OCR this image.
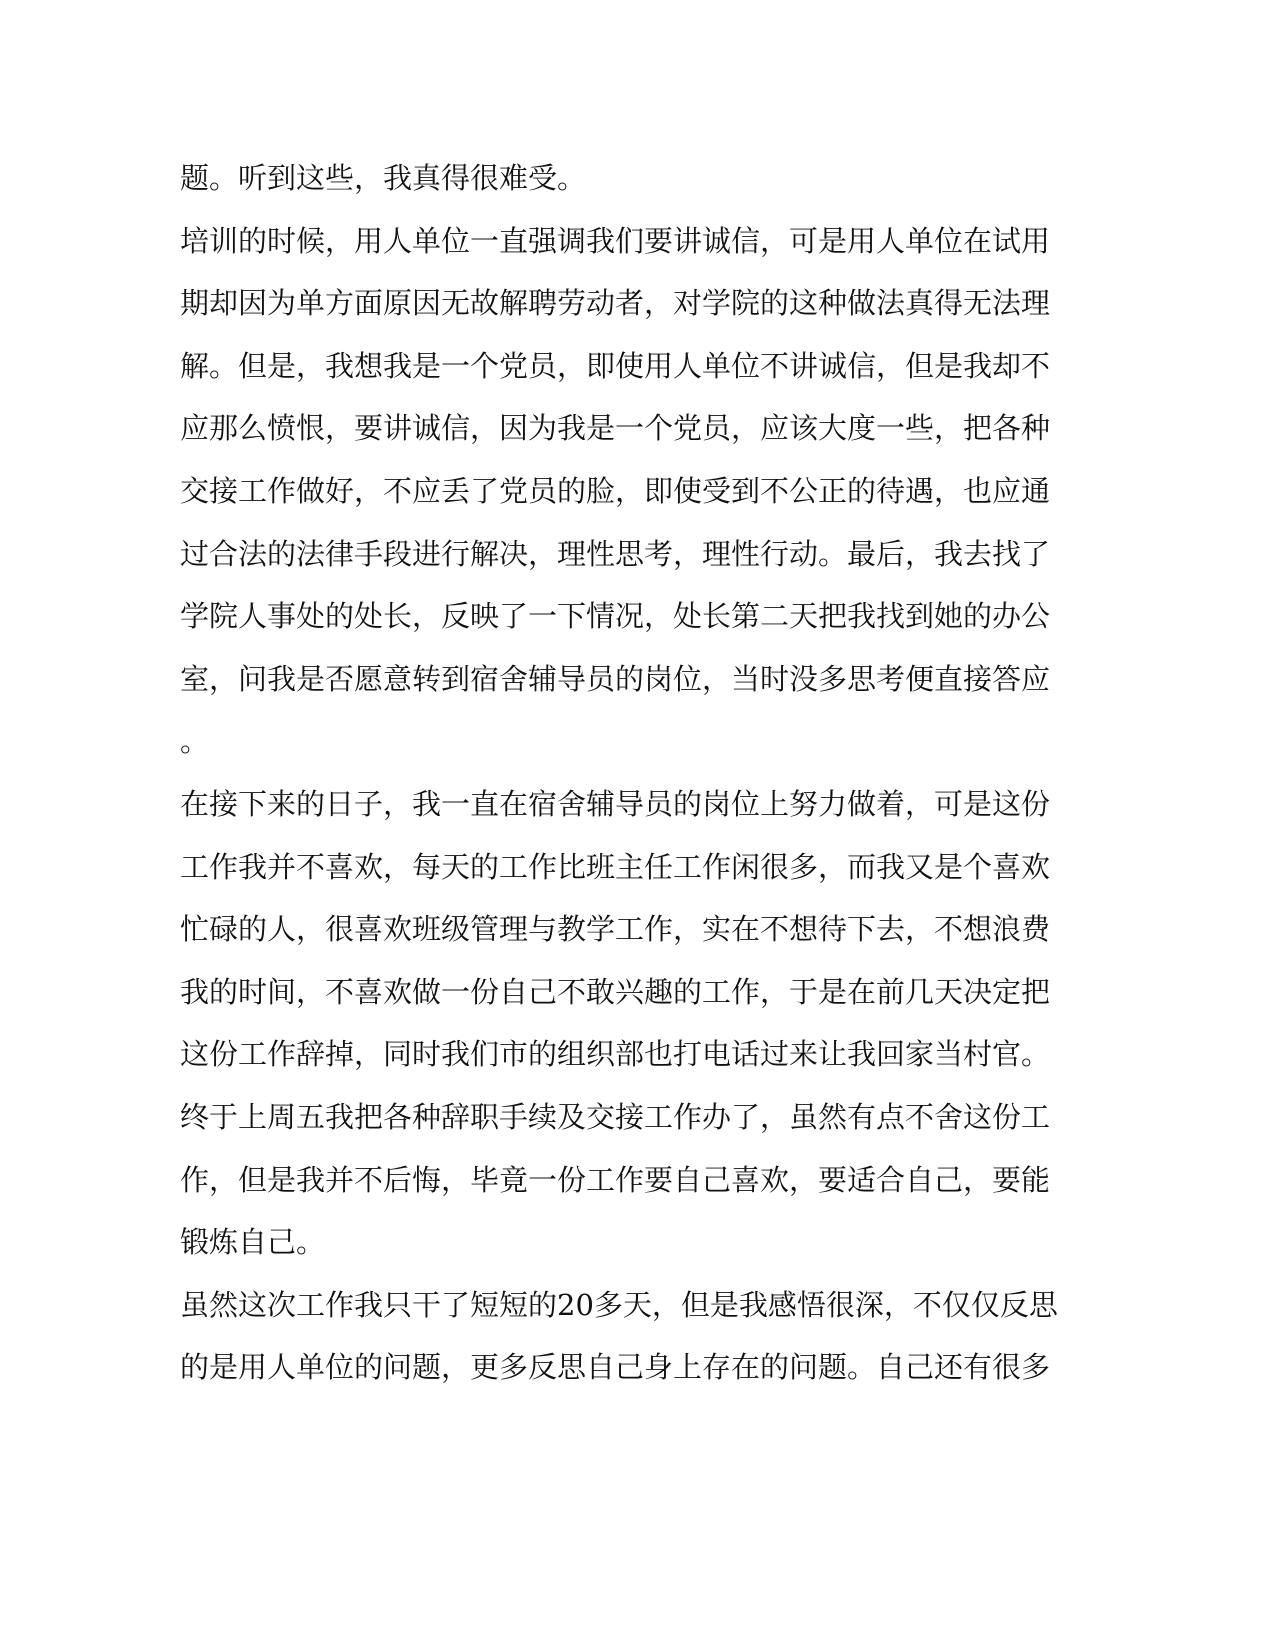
题。听到这些，我真得很难受。
培训的时候，用人单位一直强调我们要讲诚信，可是用人单位在试用
期却因为单方面原因无故解聘劳动者，对学院的这种做法真得无法理
解。但是，我想我是一个党员，即使用人单位不讲诚信，但是我却不
应那么愤恨，要讲诚信，因为我是一个党员，应该大度一些，把各种
交接工作做好，不应丢了党员的脸，即使受到不公正的待遇，也应通
过合法的法律手段进行解决，理性思考，理性行动。最后，我去找了
学院人事处的处长，反映了一下情况，处长第二天把我找到她的办公
室，问我是否愿意转到宿舍辅导员的岗位，当时没多思考便直接答应
。
在接下来的日子，我一直在宿舍辅导员的岗位上努力做着，可是这份
工作我并不喜欢，每天的工作比班主任工作闲很多，而我又是个喜欢
忙碌的人，很喜欢班级管理与教学工作，实在不想待下去，不想浪费
我的时间，不喜欢做一份自己不敢兴趣的工作，于是在前几天决定把
这份工作辞掉，同时我们市的组织部也打电话过来让我回家当村官。
终于上周五我把各种辞职手续及交接工作办了，虽然有点不舍这份工
作，但是我并不后悔，毕竟一份工作要自己喜欢，要适合自己，要能
锻炼自己。
虽然这次工作我只干了短短的20多天，但是我感悟很深，不仅仅反思
的是用人单位的问题，更多反思自己身上存在的问题。自己还有很多
